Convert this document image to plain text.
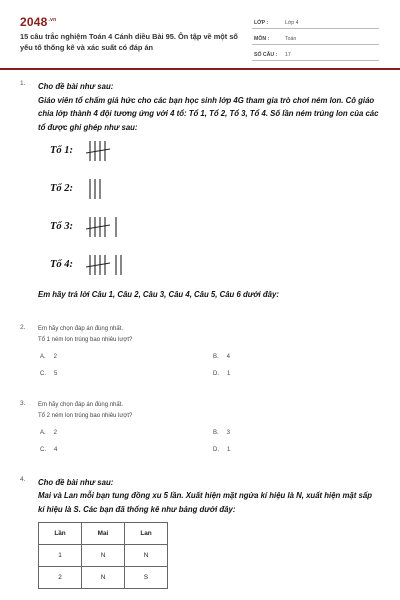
$2048^{.vn}$
15 câu trắc nghiệm Toán 4 Cánh diều Bài 95. Ôn tập về một số yếu tố thống kê và xác suất có đáp án
LỚP :	Lớp 4
MÔN :	Toán
SỐ CÂU : 17
1. Cho đề bài như sau:
Giáo viên tổ chấm giả hức cho các bạn học sinh lớp 4G tham gia trò chơi ném lon. Cô giáo chia lớp thành 4 đội tương ứng với 4 tổ: Tổ 1, Tổ 2, Tổ 3, Tổ 4. Số lần ném trúng lon của các tổ được ghi ghép như sau:
Tổ 1:
Tổ 2:
Tổ 3:
Tổ 4:
Em hãy trả lời Câu 1, Câu 2, Câu 3, Câu 4, Câu 5, Câu 6 dưới đây:
2. Em hãy chọn đáp án đúng nhất.
Tổ 1 ném lon trúng bao nhiêu lượt?
A. 2	B. 4
C. 5	D. 1
3. Em hãy chọn đáp án đúng nhất.
Tổ 2 ném lon trúng bao nhiêu lượt?
A. 2	B. 3
C. 4	D. 1
4. Cho đề bài như sau:
Mai và Lan mỗi bạn tung đồng xu 5 lần. Xuất hiện mặt ngửa kí hiệu là N, xuất hiện mặt sấp kí hiệu là S. Các bạn đã thống kê như bảng dưới đây:
Lần	Mai	Lan
1	N	N
2	N	S
